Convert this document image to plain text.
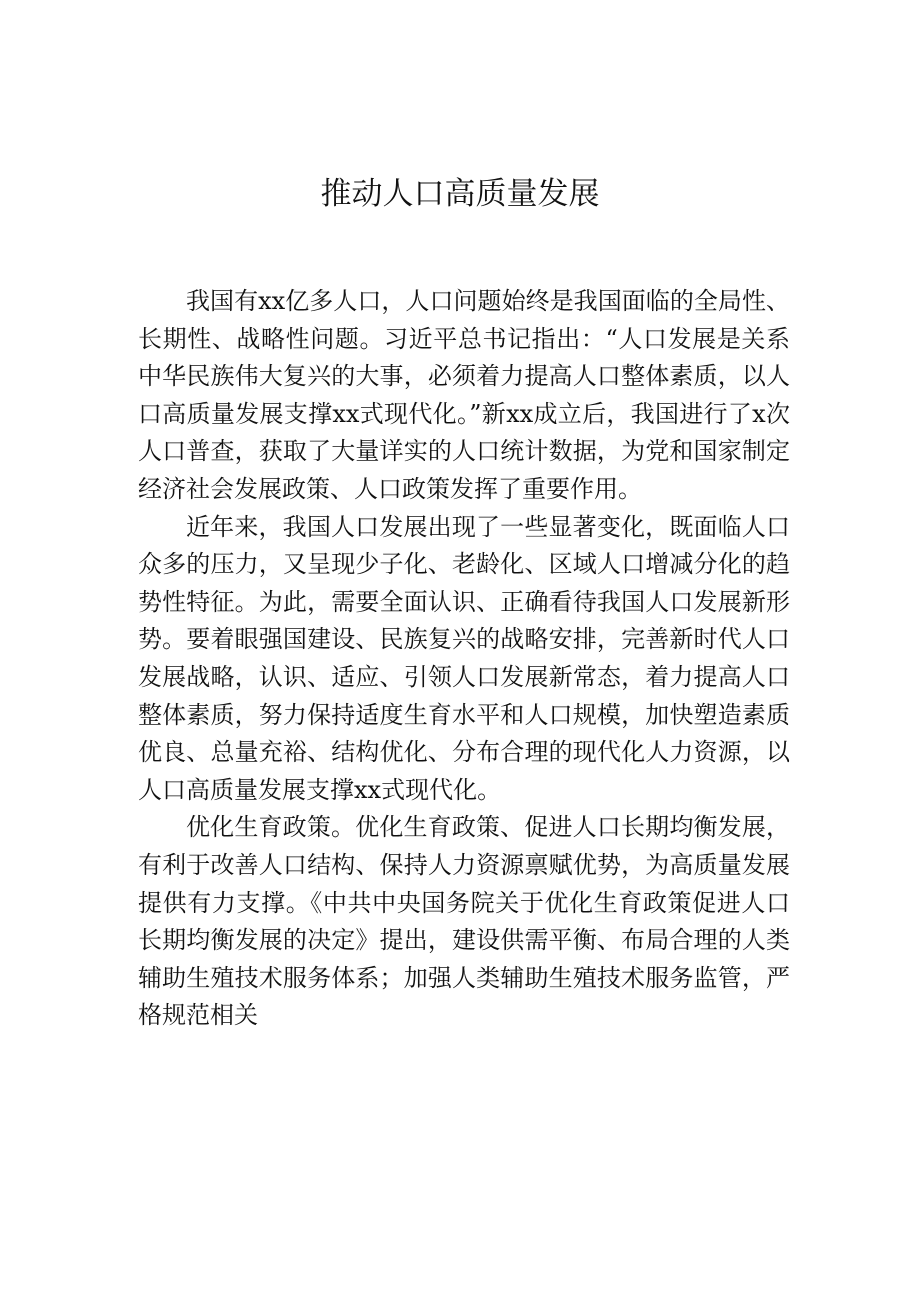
推动人口高质量发展

我国有xx亿多人口，人口问题始终是我国面临的全局性、长期性、战略性问题。习近平总书记指出：“人口发展是关系中华民族伟大复兴的大事，必须着力提高人口整体素质，以人口高质量发展支撑xx式现代化。”新xx成立后，我国进行了x次人口普查，获取了大量详实的人口统计数据，为党和国家制定经济社会发展政策、人口政策发挥了重要作用。

近年来，我国人口发展出现了一些显著变化，既面临人口众多的压力，又呈现少子化、老龄化、区域人口增减分化的趋势性特征。为此，需要全面认识、正确看待我国人口发展新形势。要着眼强国建设、民族复兴的战略安排，完善新时代人口发展战略，认识、适应、引领人口发展新常态，着力提高人口整体素质，努力保持适度生育水平和人口规模，加快塑造素质优良、总量充裕、结构优化、分布合理的现代化人力资源，以人口高质量发展支撑xx式现代化。

优化生育政策。优化生育政策、促进人口长期均衡发展，有利于改善人口结构、保持人力资源禀赋优势，为高质量发展提供有力支撑。《中共中央国务院关于优化生育政策促进人口长期均衡发展的决定》提出，建设供需平衡、布局合理的人类辅助生殖技术服务体系；加强人类辅助生殖技术服务监管，严格规范相关
